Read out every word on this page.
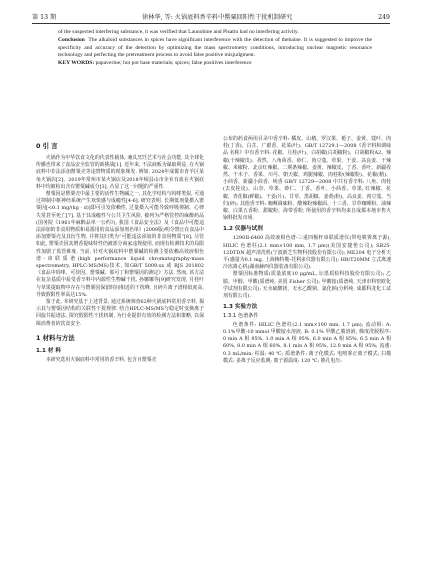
第 13 期	徐林华, 等: 火锅底料香辛料中罂粟回阳性干扰机制研究	249

of the suspected interfering substance, it was verified that Launobine and Pisatin had no interfering activity.

Conclusion The alkaloid substances in spices have significant interference with the detection of thebaine. It is suggested to improve the specificity and accuracy of the detection by optimizing the mass spectrometry conditions, introducing nuclear magnetic resonance technology and perfecting the pretreatment process to avoid false positive misjudgment.

KEY WORDS: papaverine; hot pot base materials; spices; false positives interference

0 引 言

火锅作为中华饮食文化的代表性载体, 兼具烹饪艺术与社会功能, 其全球化传播也带来了食品安全监管的新挑战[1]. 近年来, 不法商贩为谋取利益, 在火锅底料中非法添加罂粟壳等违禁物质的现象频发. 例如, 2024年成都市青羊区某兔火锅店[2]、2019年常州市某火锅店及2018年岷县山市企业有血在火锅底料中均被检出含有罂粟碱成分[3], 凸显了这一问题的严重性.

罂粟因是罂粟壳中最主要的活性生物碱之一, 其化学结构与吗啡类似, 可通过抑制中枢神经系统产生欢快感与成瘾性[4-6]. 研究表明, 长期低剂量摄入罂粟因[<0.1 mg/(kg · d)]即可引发依赖性, 过量摄入可能导致呼吸抑制、心律失常甚至死亡[7]. 基于其成瘾性与公共卫生风险, 被列为严格管控的麻醉药品(国务院《1961年麻醉品单一公约》), 我国《食品安全法》及《食品中可能违法添加的非食用物质和易滥用的食品添加剂名单》(2009版)明令禁止在食品中添加罂粟壳及其衍生物, 并将其归类为“可能违法添加的非食用物质”[8]. 尽管如此, 罂粟壳因其增香提味特性仍被部分商家违规使用, 而现有检测技术的局限性加剧了监管难度. 当前, 针对火锅底料中罂粟碱的检测主要依赖高效液相色谱-串联质谱(high performance liquid chromatography-mass spectrometry, HPLC-MS/MS)技术, 如GB/T 5009.xx 或 BJS 201802《食品中吗啡、可待因、罂粟碱、那可丁和罂粟因的测定》方法. 然而, 该方法在复杂基质中易受香辛料中内源性生物碱干扰, 孙娜娜等[9]研究发现, 月桂叶与草果提取物中存在与罂粟因保留时间相近的干扰峰, 且碎片离子谱相似度高, 导致假阳性率高达15%.

鉴于此, 本研究基于上述背景, 通过系统筛查62种火锅底料常用香辛料, 揭示其与罂粟因结构的关联性干扰规律. 结合HPLC-MS/MS与稳定时变换离子回旋共振谱法, 探究假阳性干扰机制, 为行业提供有效的检测方法和策略, 以保障消费者的饮食安全.

1 材料与方法
1.1 材 料

本研究选用火锅底料中常用的香辛料, 包含且罂粟壳

公布的药食两用目录中香辛料: 橘皮、山楂、罗汉果、栀子、姜黄、蔻叶、肉桂(丁香)、白芷、广藿香、花菜(叶)、GB/T 12729.1—2008《香辛料和调味品 名称》中有香辛料: 花椒、月桂(叶)、白胡椒(白胡椒粉)、白胡椒粉A2、辣椒(干辣椒皮)、孜然、八角茴香、砂仁、肉豆蔻、草果、干姜、高良姜、干辣椒、米椒粉、北京红辣椒、二荆条辣椒、姜黄、辣椒皮、丁香、香叶、新疆孜然、干木子、香果、川芎、朝天椒、鸡腿辣椒、肉桂粉(辣椒粉)、花椒(精)、小茴香、新疆小茴香、纯香 GB/T 12729—2008 中共有香辛料: 八角、肉桂(去皮桂皮)、山奈、草果、砂仁、丁香、香叶、小茴香、草果, 红辣椒、花椒、青花椒(鲜椒)、干姜(片)、甘草、黑胡椒、姜黄(粉)、高良姜、肉豆蔻、当归(碎); 其他香辛料: 咖喱调味粉、酸辣粉辣椒面、十三香、甘草咖喱粉、油辣椒、白果五香粉、甜椒粉、海带香粉, 所使用的香辛料均来自成都本地市售火锅料批发市场.

1.2 仪器与试剂

1290II-6460 高效液相色谱-三重四极杆串联质谱仪(带电喷雾离子源), HILIC 色谱柱(2.1 mm×100 mm, 1.7 μm)(美国安捷伦公司); SB25-12DTDN 超声清洗机(宁波新芝生物科技股份有限公司); ME204 电子分析天平(感量为0.1 mg, 上海梅特勒-托利多仪器有限公司); HR/T20MM 立式离速冷冻离心机(湖南赫西仪器装备有限公司).

罂粟因标准物质(质量浓度10 μg/mL, 坛墨质检科技股份有限公司); 乙腈、甲醇、甲酸(质谱纯, 美国 Fisher 公司); 甲酸铵(质谱纯, 天津市科密欧化学试剂有限公司); 无水硫酸镁、无水乙酸钠、氯化钠(分析纯, 成都科龙化工试剂有限公司).

1.3 实验方法
1.3.1 色谱条件

色谱条件: HILIC 色谱柱(2.1 mm×100 mm, 1.7 μm); 流动相: A: 0.1%甲酸-10 mmol 甲酸铵水溶液, B: 0.1% 甲酸乙腈溶液, 梯度洗脱程序: 0 min A 相 95%, 1.0 min A 相 95%, 6.0 min A 相 85%, 6.5 min A 相 60%, 8.0 min A 相 60%, 8.1 min A 相 95%, 12.0 min A 相 95%; 流速: 0.3 mL/min; 柱温: 40 ℃; 质谱条件: 离子化模式: 电喷雾正离子模式; 扫描模式: 多离子反应监测; 离子源温度: 120 ℃; 锥孔电压:
